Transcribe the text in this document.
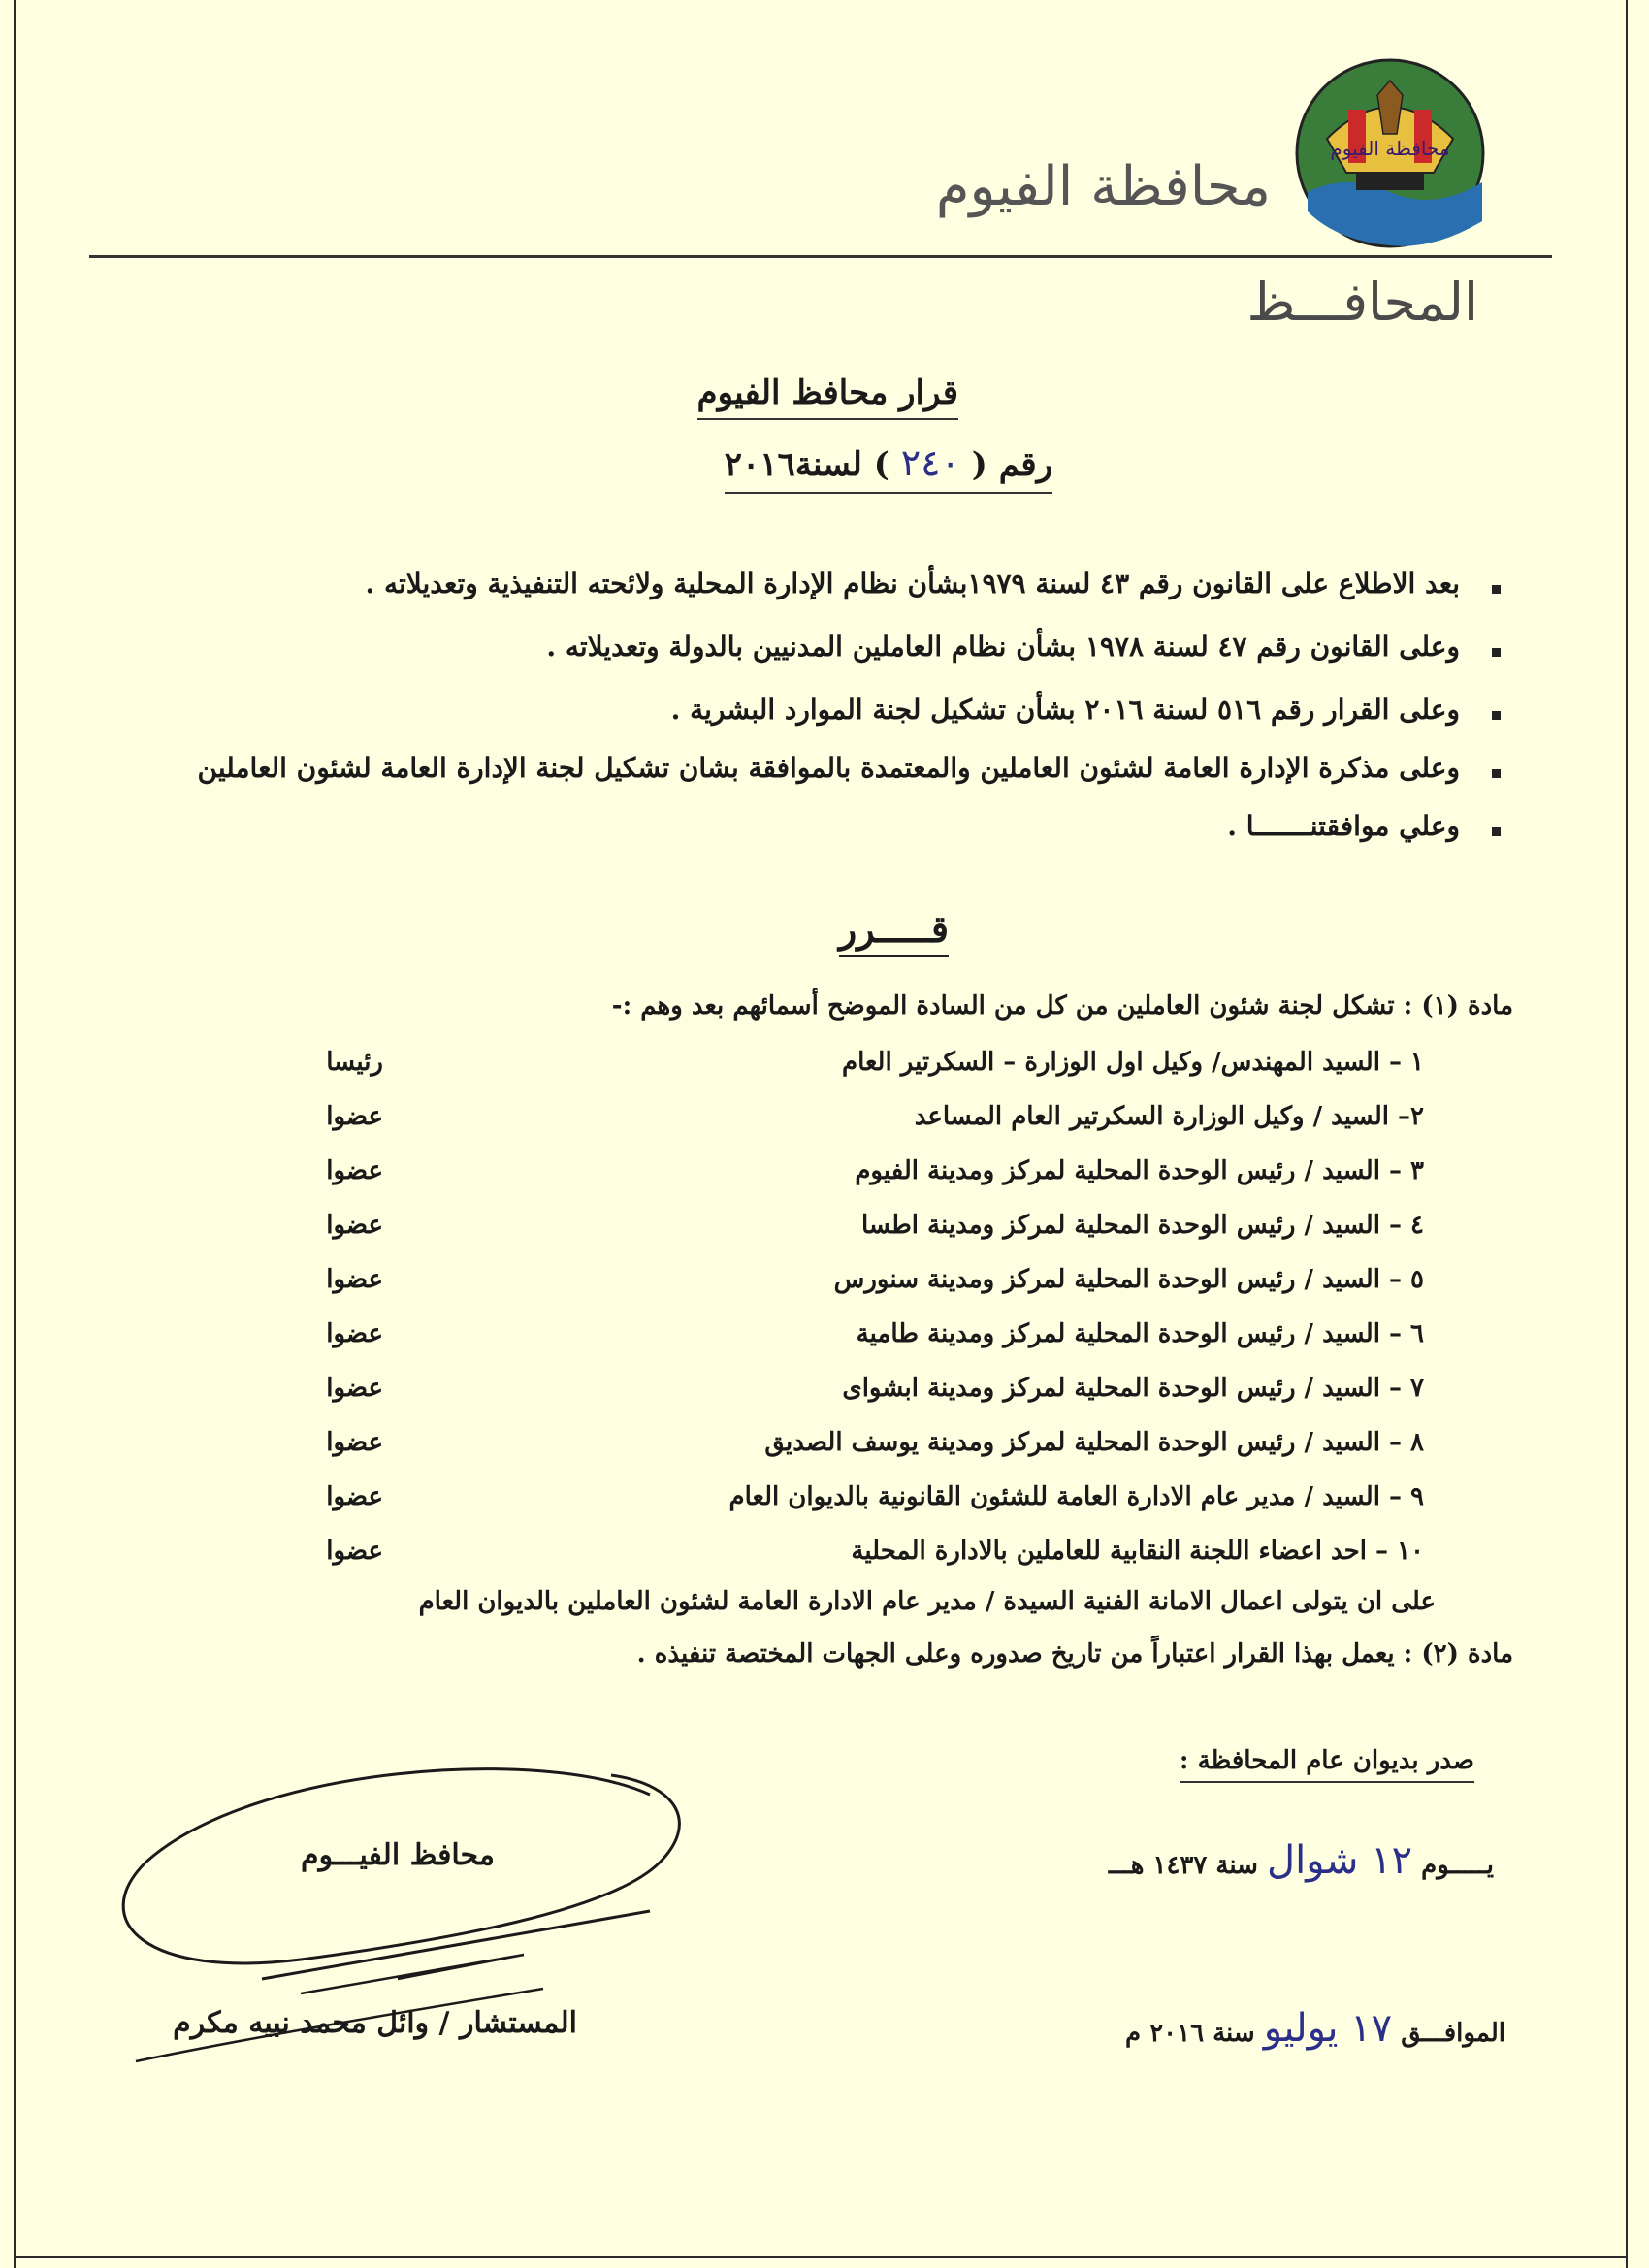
محافظة الفيوم
محافظة الفيوم
المحافـــظ
قرار محافظ الفيوم
رقم ( ٢٤٠ ) لسنة٢٠١٦
بعد الاطلاع على القانون رقم ٤٣ لسنة ١٩٧٩بشأن نظام الإدارة المحلية ولائحته التنفيذية وتعديلاته .
وعلى القانون رقم ٤٧ لسنة ١٩٧٨ بشأن نظام العاملين المدنيين بالدولة وتعديلاته .
وعلى القرار رقم ٥١٦ لسنة ٢٠١٦ بشأن تشكيل لجنة الموارد البشرية .
وعلى مذكرة الإدارة العامة لشئون العاملين والمعتمدة بالموافقة بشان تشكيل لجنة الإدارة العامة لشئون العاملين
وعلي موافقتنـــــــا .
قـــــرر
مادة (١) : تشكل لجنة شئون العاملين من كل من السادة الموضح أسمائهم بعد وهم :-
١ – السيد المهندس/ وكيل اول الوزارة – السكرتير العام
رئيسا
٢– السيد / وكيل الوزارة السكرتير العام المساعد
عضوا
٣ – السيد / رئيس الوحدة المحلية لمركز ومدينة الفيوم
عضوا
٤ – السيد / رئيس الوحدة المحلية لمركز ومدينة اطسا
عضوا
٥ – السيد / رئيس الوحدة المحلية لمركز ومدينة سنورس
عضوا
٦ – السيد / رئيس الوحدة المحلية لمركز ومدينة طامية
عضوا
٧ – السيد / رئيس الوحدة المحلية لمركز ومدينة ابشواى
عضوا
٨ – السيد / رئيس الوحدة المحلية لمركز ومدينة يوسف الصديق
عضوا
٩ – السيد / مدير عام الادارة العامة للشئون القانونية بالديوان العام
عضوا
١٠ – احد اعضاء اللجنة النقابية للعاملين بالادارة المحلية
عضوا
على ان يتولى اعمال الامانة الفنية السيدة / مدير عام الادارة العامة لشئون العاملين بالديوان العام
مادة (٢) : يعمل بهذا القرار اعتباراً من تاريخ صدوره وعلى الجهات المختصة تنفيذه .
صدر بديوان عام المحافظة :
يـــــوم ١٢ شوال سنة ١٤٣٧ هـــ
الموافـــق ١٧ يوليو سنة ٢٠١٦ م
محافظ الفيـــوم
المستشار / وائل محمد نبيه مكرم
